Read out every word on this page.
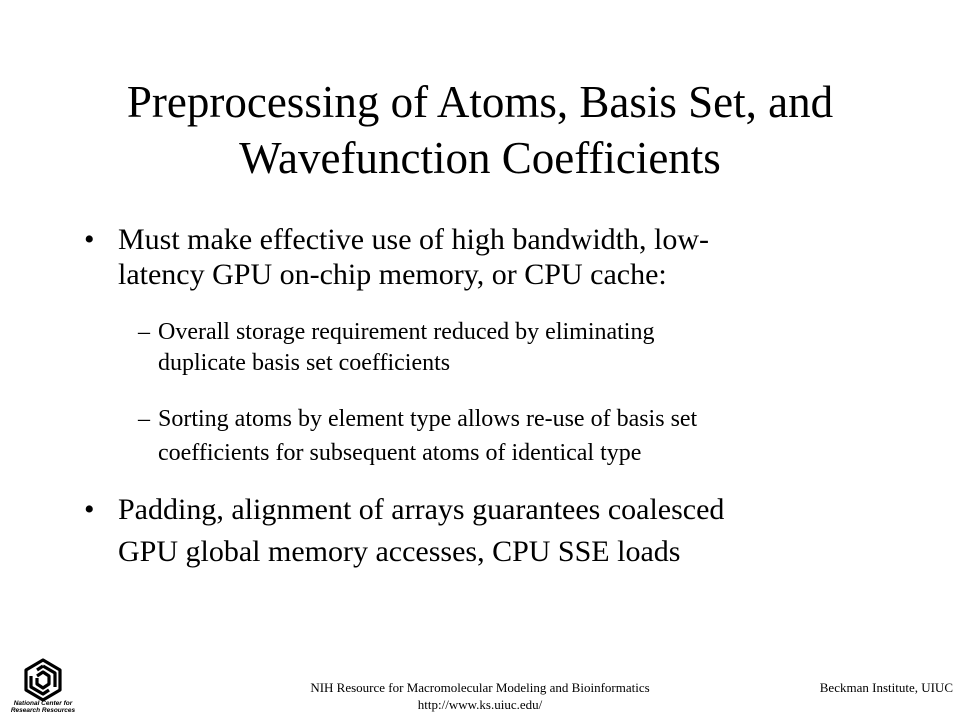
Preprocessing of Atoms, Basis Set, and
Wavefunction Coefficients
• Must make effective use of high bandwidth, low-
latency GPU on-chip memory, or CPU cache:
– Overall storage requirement reduced by eliminating
duplicate basis set coefficients
– Sorting atoms by element type allows re-use of basis set
coefficients for subsequent atoms of identical type
• Padding, alignment of arrays guarantees coalesced
GPU global memory accesses, CPU SSE loads
National Center for
Research Resources
NIH Resource for Macromolecular Modeling and Bioinformatics
http://www.ks.uiuc.edu/
Beckman Institute, UIUC
